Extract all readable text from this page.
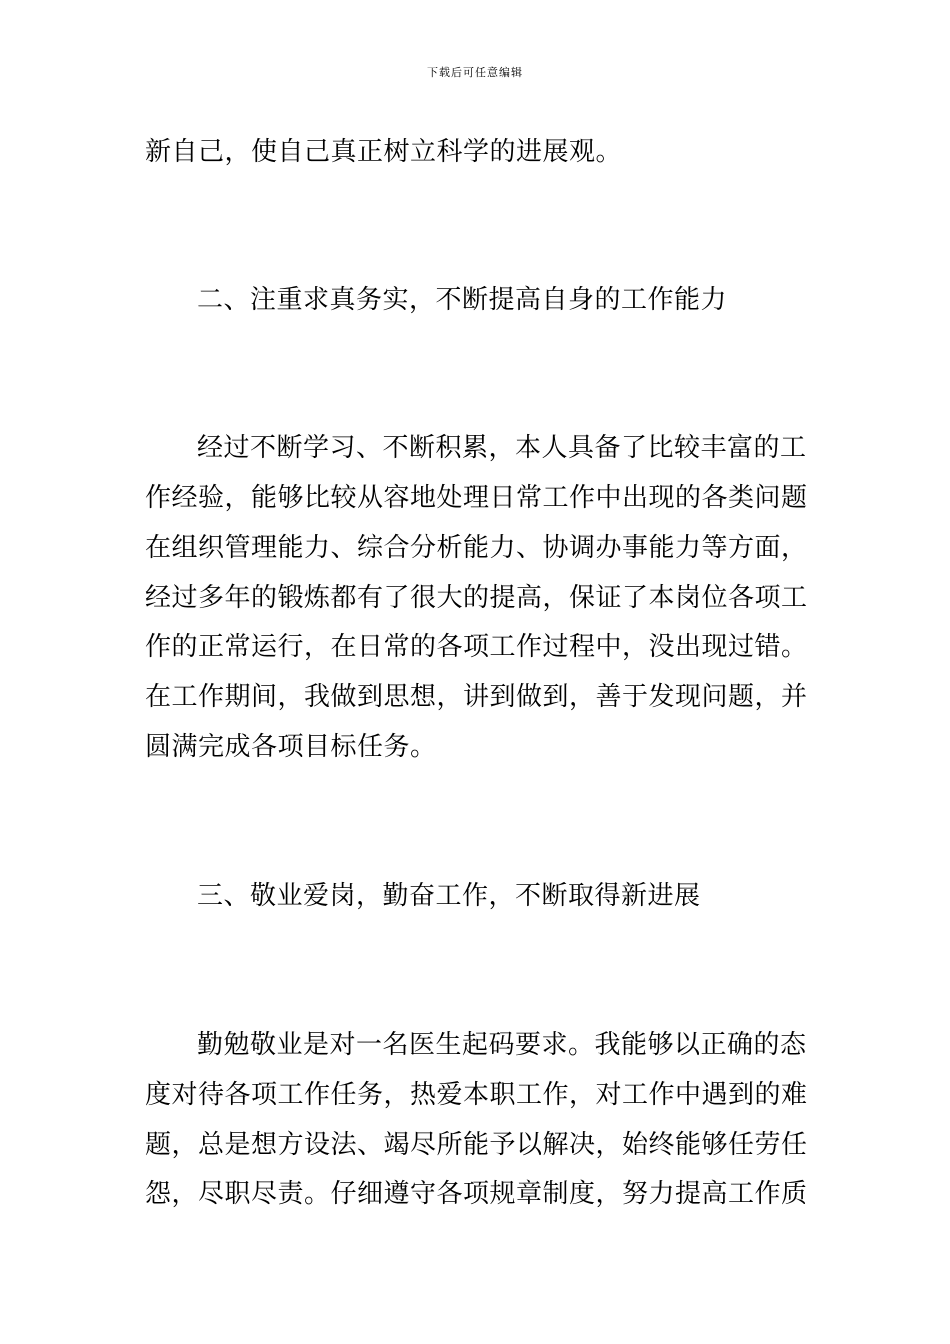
下载后可任意编辑
新自己，使自己真正树立科学的进展观。
二、注重求真务实，不断提高自身的工作能力
经过不断学习、不断积累，本人具备了比较丰富的工
作经验，能够比较从容地处理日常工作中出现的各类问题
在组织管理能力、综合分析能力、协调办事能力等方面，
经过多年的锻炼都有了很大的提高，保证了本岗位各项工
作的正常运行，在日常的各项工作过程中，没出现过错。
在工作期间，我做到思想，讲到做到，善于发现问题，并
圆满完成各项目标任务。
三、敬业爱岗，勤奋工作，不断取得新进展
勤勉敬业是对一名医生起码要求。我能够以正确的态
度对待各项工作任务，热爱本职工作，对工作中遇到的难
题，总是想方设法、竭尽所能予以解决，始终能够任劳任
怨，尽职尽责。仔细遵守各项规章制度，努力提高工作质
